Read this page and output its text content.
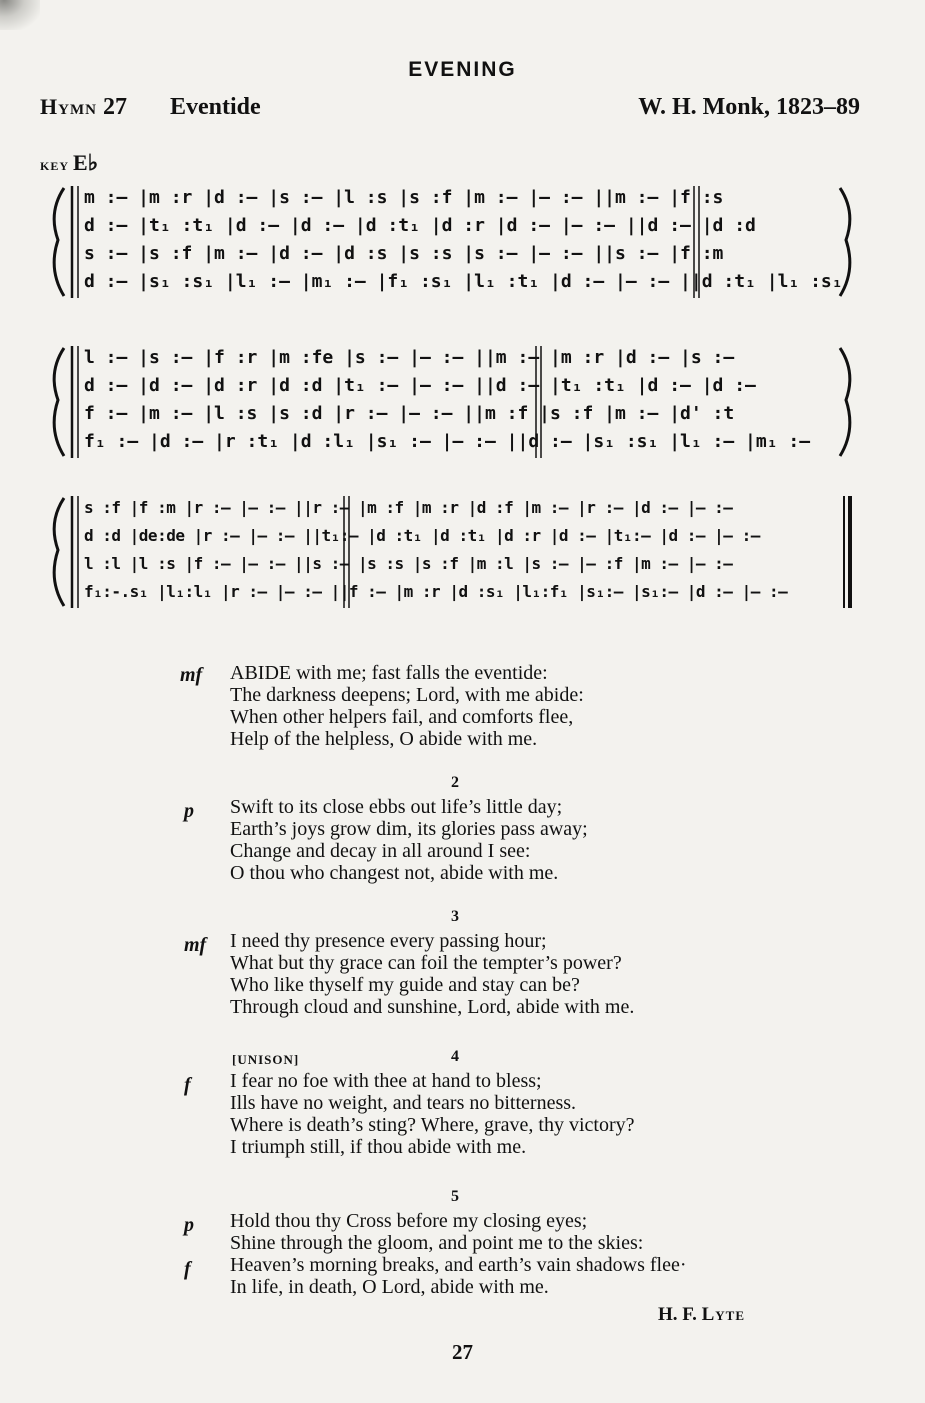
EVENING
Hymn 27 Eventide	W. H. Monk, 1823–89
key E♭
m :— |m :r |d :— |s :— |l :s |s :f |m :— |— :— ||m :— |f :s
d :— |t₁ :t₁ |d :— |d :— |d :t₁ |d :r |d :— |— :— ||d :— |d :d
s :— |s :f |m :— |d :— |d :s |s :s |s :— |— :— ||s :— |f :m
d :— |s₁ :s₁ |l₁ :— |m₁ :— |f₁ :s₁ |l₁ :t₁ |d :— |— :— ||d :t₁ |l₁ :s₁
l :— |s :— |f :r |m :fe |s :— |— :— ||m :— |m :r |d :— |s :—
d :— |d :— |d :r |d :d |t₁ :— |— :— ||d :— |t₁ :t₁ |d :— |d :—
f :— |m :— |l :s |s :d |r :— |— :— ||m :f |s :f |m :— |d' :t
f₁ :— |d :— |r :t₁ |d :l₁ |s₁ :— |— :— ||d :— |s₁ :s₁ |l₁ :— |m₁ :—
s :f |f :m |r :— |— :— ||r :— |m :f |m :r |d :f |m :— |r :— |d :— |— :—
d :d |de:de |r :— |— :— ||t₁:— |d :t₁ |d :t₁ |d :r |d :— |t₁:— |d :— |— :—
l :l |l :s |f :— |— :— ||s :— |s :s |s :f |m :l |s :— |— :f |m :— |— :—
f₁:-.s₁ |l₁:l₁ |r :— |— :— ||f :— |m :r |d :s₁ |l₁:f₁ |s₁:— |s₁:— |d :— |— :—
mf ABIDE with me; fast falls the eventide:
The darkness deepens; Lord, with me abide:
When other helpers fail, and comforts flee,
Help of the helpless, O abide with me.
2
p Swift to its close ebbs out life’s little day;
Earth’s joys grow dim, its glories pass away;
Change and decay in all around I see:
O thou who changest not, abide with me.
3
mf I need thy presence every passing hour;
What but thy grace can foil the tempter’s power?
Who like thyself my guide and stay can be?
Through cloud and sunshine, Lord, abide with me.
[UNISON]	4
f I fear no foe with thee at hand to bless;
Ills have no weight, and tears no bitterness.
Where is death’s sting? Where, grave, thy victory?
I triumph still, if thou abide with me.
5
p
f
Hold thou thy Cross before my closing eyes;
Shine through the gloom, and point me to the skies:
Heaven’s morning breaks, and earth’s vain shadows flee·
In life, in death, O Lord, abide with me.
H. F. Lyte
27
